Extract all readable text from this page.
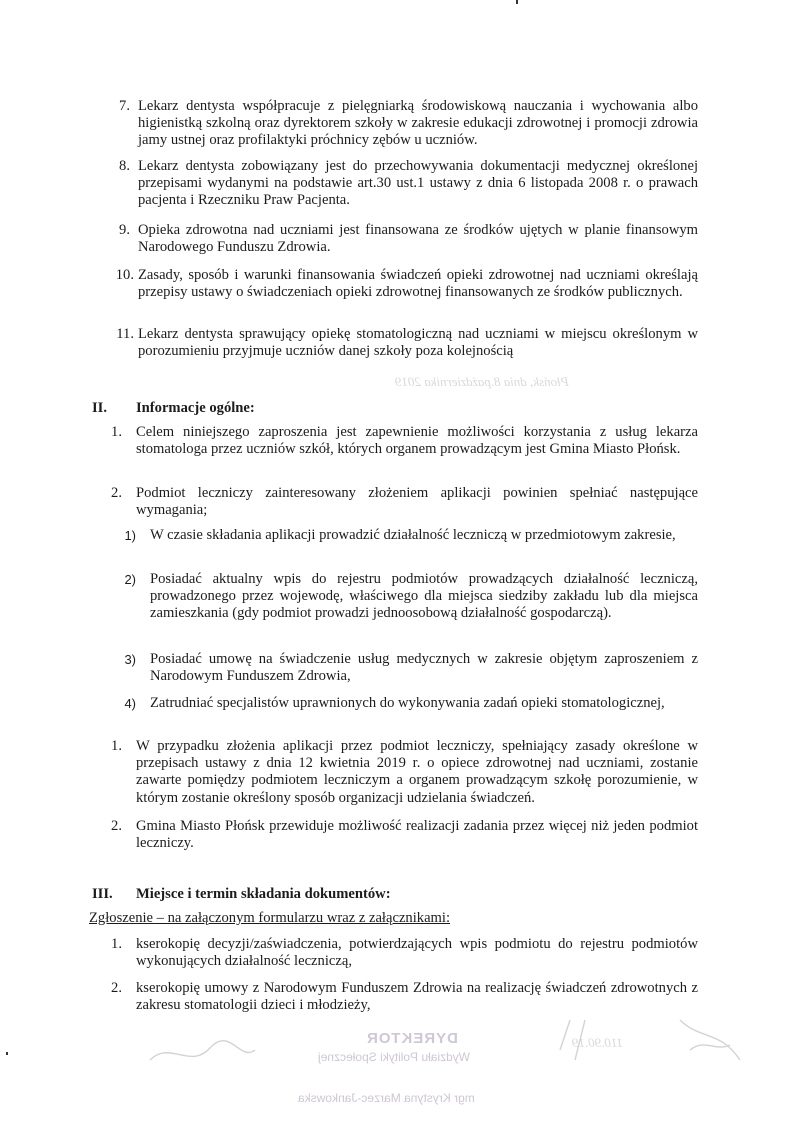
Płońsk, dnia 8.października 2019
7. Lekarz dentysta współpracuje z pielęgniarką środowiskową nauczania i wychowania albo higienistką szkolną oraz dyrektorem szkoły w zakresie edukacji zdrowotnej i promocji zdrowia jamy ustnej oraz profilaktyki próchnicy zębów u uczniów.
8. Lekarz dentysta zobowiązany jest do przechowywania dokumentacji medycznej określonej przepisami wydanymi na podstawie art.30 ust.1 ustawy z dnia 6 listopada 2008 r. o prawach pacjenta i Rzeczniku Praw Pacjenta.
9. Opieka zdrowotna nad uczniami jest finansowana ze środków ujętych w planie finansowym Narodowego Funduszu Zdrowia.
10. Zasady, sposób i warunki finansowania świadczeń opieki zdrowotnej nad uczniami określają przepisy ustawy o świadczeniach opieki zdrowotnej finansowanych ze środków publicznych.
11. Lekarz dentysta sprawujący opiekę stomatologiczną nad uczniami w miejscu określonym w porozumieniu przyjmuje uczniów danej szkoły poza kolejnością
II. Informacje ogólne:
1. Celem niniejszego zaproszenia jest zapewnienie możliwości korzystania z usług lekarza stomatologa przez uczniów szkół, których organem prowadzącym jest Gmina Miasto Płońsk.
2. Podmiot leczniczy zainteresowany złożeniem aplikacji powinien spełniać następujące wymagania;
1) W czasie składania aplikacji prowadzić działalność leczniczą w przedmiotowym zakresie,
2) Posiadać aktualny wpis do rejestru podmiotów prowadzących działalność leczniczą, prowadzonego przez wojewodę, właściwego dla miejsca siedziby zakładu lub dla miejsca zamieszkania (gdy podmiot prowadzi jednoosobową działalność gospodarczą).
3) Posiadać umowę na świadczenie usług medycznych w zakresie objętym zaproszeniem z Narodowym Funduszem Zdrowia,
4) Zatrudniać specjalistów uprawnionych do wykonywania zadań opieki stomatologicznej,
1. W przypadku złożenia aplikacji przez podmiot leczniczy, spełniający zasady określone w przepisach ustawy z dnia 12 kwietnia 2019 r. o opiece zdrowotnej nad uczniami, zostanie zawarte pomiędzy podmiotem leczniczym a organem prowadzącym szkołę porozumienie, w którym zostanie określony sposób organizacji udzielania świadczeń.
2. Gmina Miasto Płońsk przewiduje możliwość realizacji zadania przez więcej niż jeden podmiot leczniczy.
III. Miejsce i termin składania dokumentów:
Zgłoszenie – na załączonym formularzu wraz z załącznikami:
1. kserokopię decyzji/zaświadczenia, potwierdzających wpis podmiotu do rejestru podmiotów wykonujących działalność leczniczą,
2. kserokopię umowy z Narodowym Funduszem Zdrowia na realizację świadczeń zdrowotnych z zakresu stomatologii dzieci i młodzieży,
DYREKTOR
Wydziału Polityki Społecznej
mgr Krystyna Marzec-Jankowska
110.90.19
